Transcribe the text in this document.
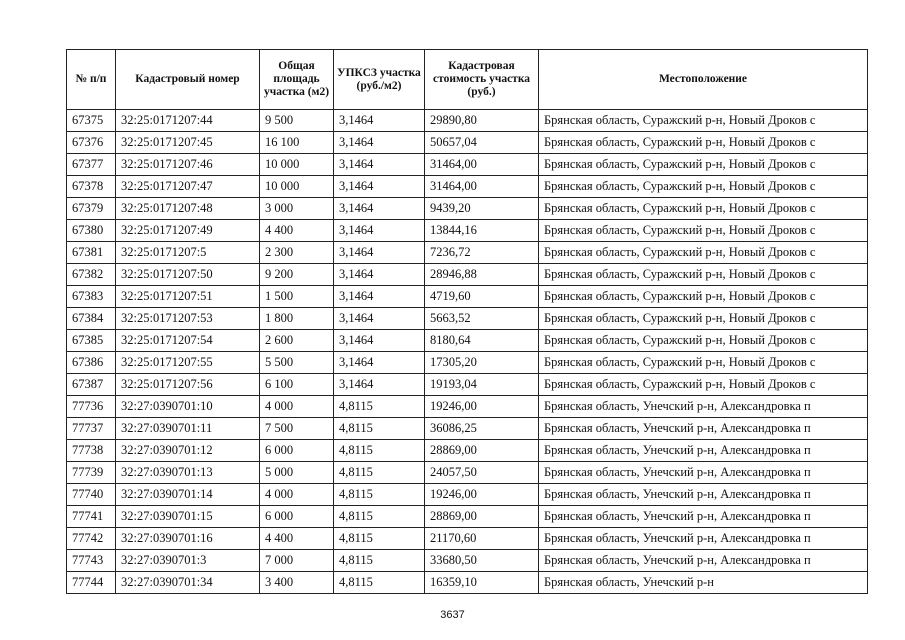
№ п/п	Кадастровый номер	Общая площадь участка (м2)	УПКСЗ участка (руб./м2)	Кадастровая стоимость участка (руб.)	Местоположение
67375	32:25:0171207:44	9 500	3,1464	29890,80	Брянская область, Суражский р-н, Новый Дроков с
67376	32:25:0171207:45	16 100	3,1464	50657,04	Брянская область, Суражский р-н, Новый Дроков с
67377	32:25:0171207:46	10 000	3,1464	31464,00	Брянская область, Суражский р-н, Новый Дроков с
67378	32:25:0171207:47	10 000	3,1464	31464,00	Брянская область, Суражский р-н, Новый Дроков с
67379	32:25:0171207:48	3 000	3,1464	9439,20	Брянская область, Суражский р-н, Новый Дроков с
67380	32:25:0171207:49	4 400	3,1464	13844,16	Брянская область, Суражский р-н, Новый Дроков с
67381	32:25:0171207:5	2 300	3,1464	7236,72	Брянская область, Суражский р-н, Новый Дроков с
67382	32:25:0171207:50	9 200	3,1464	28946,88	Брянская область, Суражский р-н, Новый Дроков с
67383	32:25:0171207:51	1 500	3,1464	4719,60	Брянская область, Суражский р-н, Новый Дроков с
67384	32:25:0171207:53	1 800	3,1464	5663,52	Брянская область, Суражский р-н, Новый Дроков с
67385	32:25:0171207:54	2 600	3,1464	8180,64	Брянская область, Суражский р-н, Новый Дроков с
67386	32:25:0171207:55	5 500	3,1464	17305,20	Брянская область, Суражский р-н, Новый Дроков с
67387	32:25:0171207:56	6 100	3,1464	19193,04	Брянская область, Суражский р-н, Новый Дроков с
77736	32:27:0390701:10	4 000	4,8115	19246,00	Брянская область, Унечский р-н, Александровка п
77737	32:27:0390701:11	7 500	4,8115	36086,25	Брянская область, Унечский р-н, Александровка п
77738	32:27:0390701:12	6 000	4,8115	28869,00	Брянская область, Унечский р-н, Александровка п
77739	32:27:0390701:13	5 000	4,8115	24057,50	Брянская область, Унечский р-н, Александровка п
77740	32:27:0390701:14	4 000	4,8115	19246,00	Брянская область, Унечский р-н, Александровка п
77741	32:27:0390701:15	6 000	4,8115	28869,00	Брянская область, Унечский р-н, Александровка п
77742	32:27:0390701:16	4 400	4,8115	21170,60	Брянская область, Унечский р-н, Александровка п
77743	32:27:0390701:3	7 000	4,8115	33680,50	Брянская область, Унечский р-н, Александровка п
77744	32:27:0390701:34	3 400	4,8115	16359,10	Брянская область, Унечский р-н
3637
